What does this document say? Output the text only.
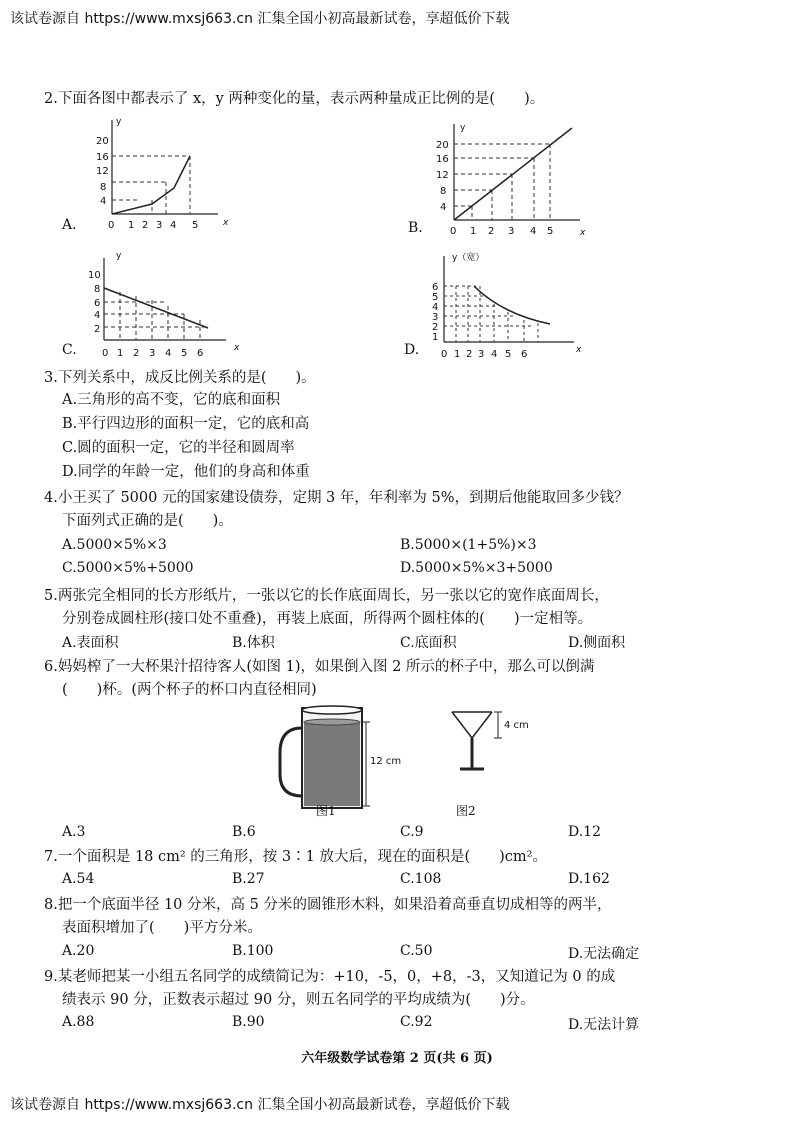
该试卷源自 https://www.mxsj663.cn 汇集全国小初高最新试卷，享超低价下载
2.下面各图中都表示了 x，y 两种变化的量，表示两种量成正比例的是(　　)。
A.
y
x
20
16
12
8
4
0 1 2 3 4 5	B.
y
x
20
16
12
8
4
0 1 2 3 4 5
C.
y
x
10
8
6
4
2
0 1 2 3 4 5 6	D.
y（宽）
x
6
5
4
3
2
1
0 1 2 3 4 5 6
3.下列关系中，成反比例关系的是(　　)。
A.三角形的高不变，它的底和面积
B.平行四边形的面积一定，它的底和高
C.圆的面积一定，它的半径和圆周率
D.同学的年龄一定，他们的身高和体重
4.小王买了 5000 元的国家建设债券，定期 3 年，年利率为 5%，到期后他能取回多少钱？
下面列式正确的是(　　)。
A.5000×5%×3	B.5000×(1+5%)×3
C.5000×5%+5000	D.5000×5%×3+5000
5.两张完全相同的长方形纸片，一张以它的长作底面周长，另一张以它的宽作底面周长，
分别卷成圆柱形(接口处不重叠)，再装上底面，所得两个圆柱体的(　　)一定相等。
A.表面积	B.体积	C.底面积	D.侧面积
6.妈妈榨了一大杯果汁招待客人(如图 1)，如果倒入图 2 所示的杯子中，那么可以倒满
(　　)杯。(两个杯子的杯口内直径相同)
12 cm
图1
4 cm
图2
A.3	B.6	C.9	D.12
7.一个面积是 18 cm² 的三角形，按 3∶1 放大后，现在的面积是(　　)cm²。
A.54	B.27	C.108	D.162
8.把一个底面半径 10 分米，高 5 分米的圆锥形木料，如果沿着高垂直切成相等的两半，
表面积增加了(　　)平方分米。
A.20	B.100	C.50	D.无法确定
9.某老师把某一小组五名同学的成绩简记为：+10，-5，0，+8，-3，又知道记为 0 的成
绩表示 90 分，正数表示超过 90 分，则五名同学的平均成绩为(　　)分。
A.88	B.90	C.92	D.无法计算
六年级数学试卷第 2 页(共 6 页)
该试卷源自 https://www.mxsj663.cn 汇集全国小初高最新试卷，享超低价下载
